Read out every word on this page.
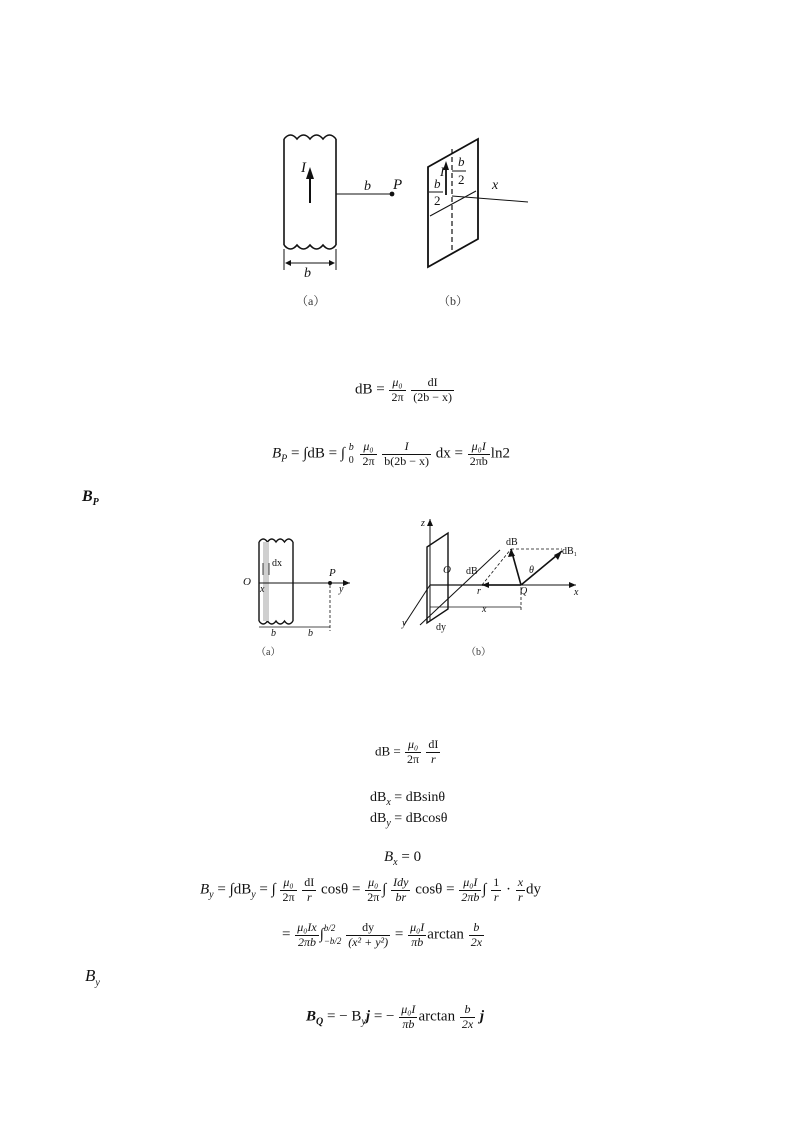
I
b P
b
（a）
I
b
2
b
2
x
（b）
dB = $\frac{\text{μ₀}}{2\pi}$
$\frac{dI}{(2b - x)}$
$B_P = \int dB$ = ∫ b
0
$\frac{\text{μ₀}}{2\pi}$
$\frac{I}{b(2b - x)}$ dx = $\frac{\text{μ₀I}}{2\pi b} \ln 2$
$B_P$
O
dx
x
P
y
b	b
（a）
z
O
dB
dB₁
dB	θ
r	Q	x
x
y	dy
（b）
dB = $\frac{\text{μ₀}}{2\pi}$
$\frac{dI}{r}$
$dB_x = dBsin\theta$
$dB_y = dBcos\theta$
$B_x = 0$
$B_y = \int dB_y$ = ∫ $\frac{\text{μ₀}}{2\pi}$
$\frac{dI}{r}$ $\cos\theta = \frac{\text{μ₀}}{2\pi}$ ∫ $\frac{\text{Idy}}{br}$ $\cos\theta = \frac{\text{μ₀I}}{2\pi b}$ ∫ $\frac{1}{r} \cdot \frac{x}{r}$ dy
= $\frac{\text{μ₀Ix}}{2\pi b}$ ∫ b/2
−b/2
$\frac{dy}{\text{(x² + y²)}} = \frac{\text{μ₀I}}{\pi b}$ $\arctan \frac{b}{2x}$
$B_y$
$B_Q$ = − $B_yj$ = − $\frac{\text{μ₀I}}{\pi b}$ $\arctan \frac{b}{2x}$ j
